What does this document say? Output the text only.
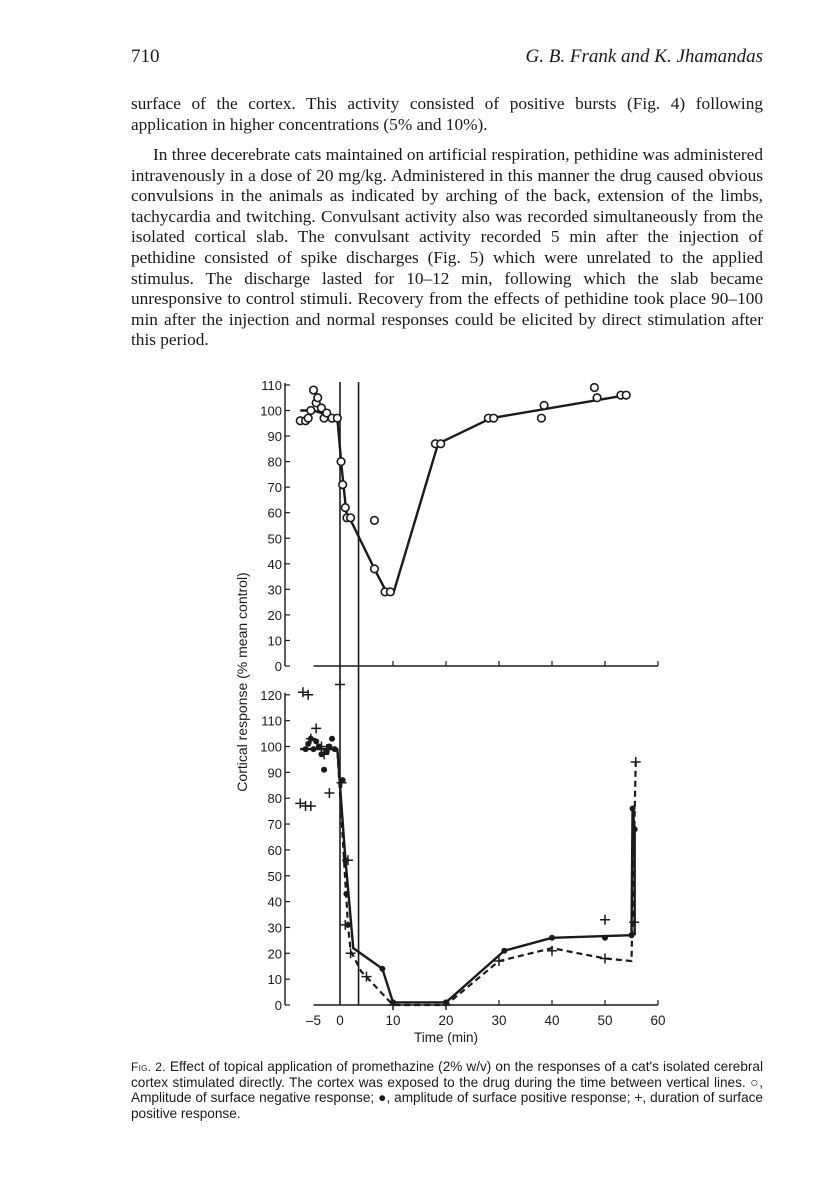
710	G. B. Frank and K. Jhamandas

surface of the cortex. This activity consisted of positive bursts (Fig. 4) following application in higher concentrations (5% and 10%).

In three decerebrate cats maintained on artificial respiration, pethidine was administered intravenously in a dose of 20 mg/kg. Administered in this manner the drug caused obvious convulsions in the animals as indicated by arching of the back, extension of the limbs, tachycardia and twitching. Convulsant activity also was recorded simultaneously from the isolated cortical slab. The convulsant activity recorded 5 min after the injection of pethidine consisted of spike discharges (Fig. 5) which were unrelated to the applied stimulus. The discharge lasted for 10–12 min, following which the slab became unresponsive to control stimuli. Recovery from the effects of pethidine took place 90–100 min after the injection and normal responses could be elicited by direct stimulation after this period.

0
10
20
30
40
50
60
70
80
90
100
110
0
10
20
30
40
50
60
70
80
90
100
110
120
–5 0	10	20	30	40	50	60
Time (min)
Cortical response (% mean control)

Fig. 2. Effect of topical application of promethazine (2% w/v) on the responses of a cat's isolated cerebral cortex stimulated directly. The cortex was exposed to the drug during the time between vertical lines. ○, Amplitude of surface negative response; ●, amplitude of surface positive response; +, duration of surface positive response.
